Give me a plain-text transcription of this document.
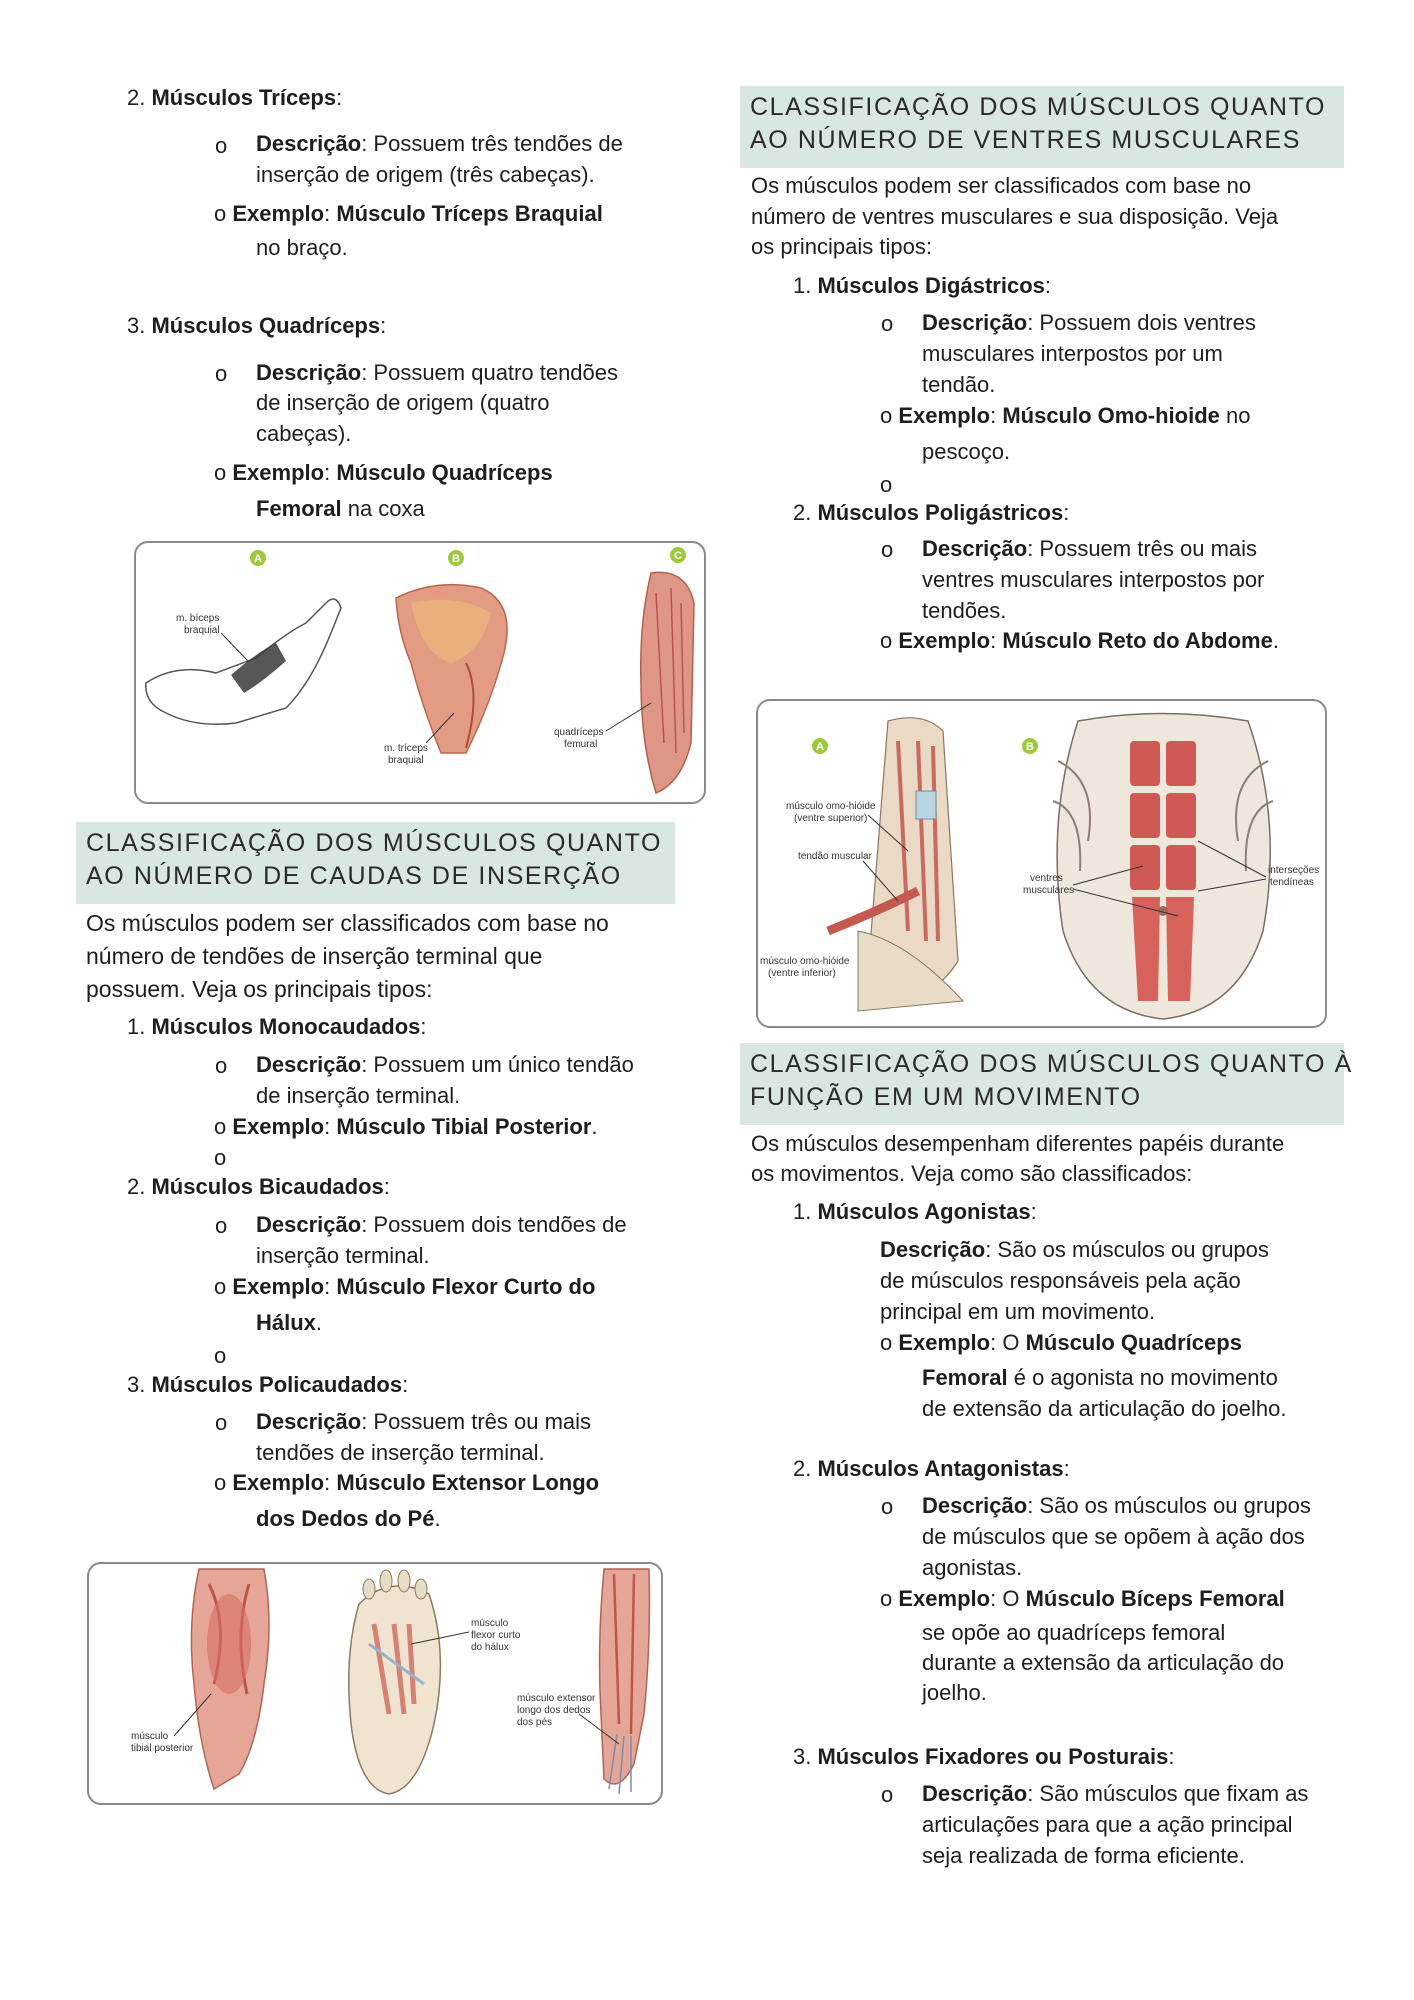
2. Músculos Tríceps:

o Descrição: Possuem três tendões de

inserção de origem (três cabeças).

o Exemplo: Músculo Tríceps Braquial

no braço.

3. Músculos Quadríceps:

o Descrição: Possuem quatro tendões

de inserção de origem (quatro

cabeças).

o Exemplo: Músculo Quadríceps

Femoral na coxa

A
m. bíceps
braquial
B
m. tríceps
braquial
C
quadríceps
femural
CLASSIFICAÇÃO DOS MÚSCULOS QUANTO
AO NÚMERO DE CAUDAS DE INSERÇÃO

Os músculos podem ser classificados com base no

número de tendões de inserção terminal que

possuem. Veja os principais tipos:

1. Músculos Monocaudados:

o Descrição: Possuem um único tendão

de inserção terminal.

o Exemplo: Músculo Tibial Posterior.

o

2. Músculos Bicaudados:

o Descrição: Possuem dois tendões de

inserção terminal.

o Exemplo: Músculo Flexor Curto do

Hálux.

o

3. Músculos Policaudados:

o Descrição: Possuem três ou mais

tendões de inserção terminal.

o Exemplo: Músculo Extensor Longo

dos Dedos do Pé.

músculo
tibial posterior
músculo
flexor curto
do hálux
músculo extensor
longo dos dedos
dos pés
CLASSIFICAÇÃO DOS MÚSCULOS QUANTO
AO NÚMERO DE VENTRES MUSCULARES

Os músculos podem ser classificados com base no

número de ventres musculares e sua disposição. Veja

os principais tipos:

1. Músculos Digástricos:

o Descrição: Possuem dois ventres

musculares interpostos por um

tendão.

o Exemplo: Músculo Omo-hioide no

pescoço.

o

2. Músculos Poligástricos:

o Descrição: Possuem três ou mais

ventres musculares interpostos por

tendões.

o Exemplo: Músculo Reto do Abdome.

A
músculo omo-hióide
(ventre superior)
tendão muscular
músculo omo-hióide
(ventre inferior)
B
ventres
musculares
interseções
tendíneas
CLASSIFICAÇÃO DOS MÚSCULOS QUANTO À
FUNÇÃO EM UM MOVIMENTO

Os músculos desempenham diferentes papéis durante

os movimentos. Veja como são classificados:

1. Músculos Agonistas:

Descrição: São os músculos ou grupos

de músculos responsáveis pela ação

principal em um movimento.

o Exemplo: O Músculo Quadríceps

Femoral é o agonista no movimento

de extensão da articulação do joelho.

2. Músculos Antagonistas:

o Descrição: São os músculos ou grupos

de músculos que se opõem à ação dos

agonistas.

o Exemplo: O Músculo Bíceps Femoral

se opõe ao quadríceps femoral

durante a extensão da articulação do

joelho.

3. Músculos Fixadores ou Posturais:

o Descrição: São músculos que fixam as

articulações para que a ação principal

seja realizada de forma eficiente.
